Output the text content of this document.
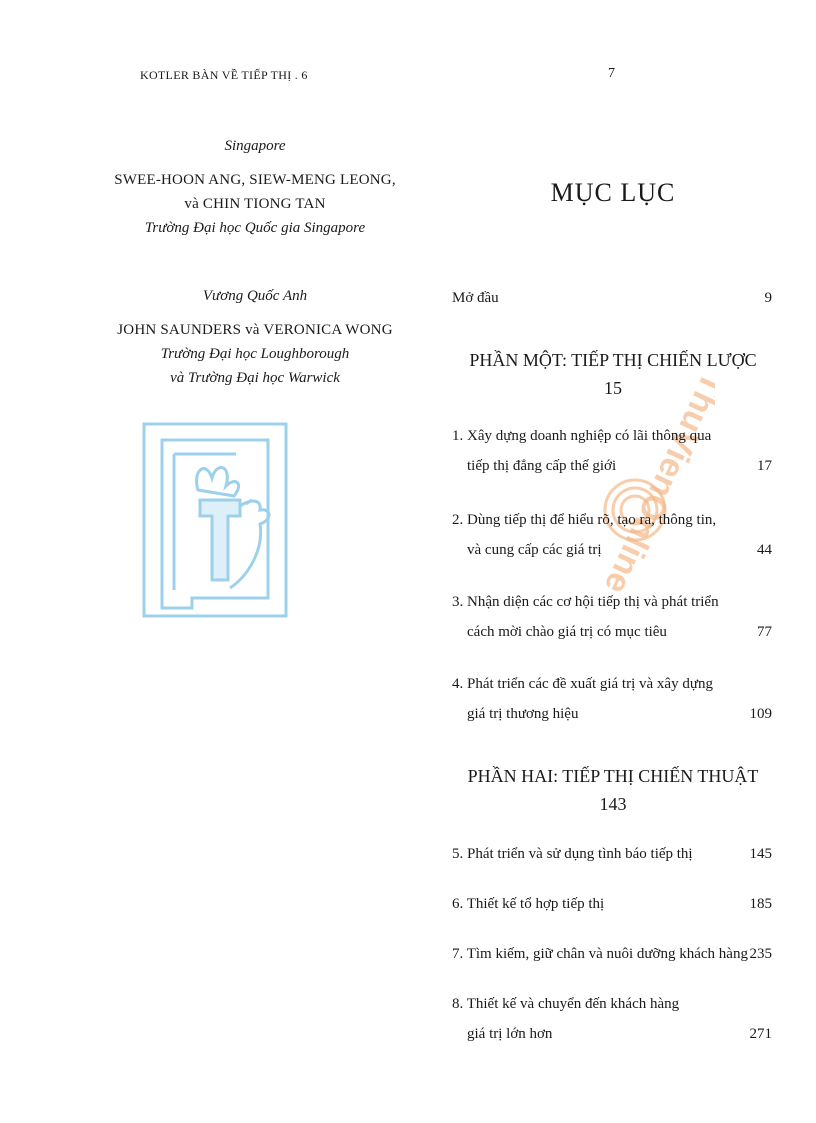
KOTLER BÀN VỀ TIẾP THỊ . 6	7
Singapore
SWEE-HOON ANG, SIEW-MENG LEONG,
và CHIN TIONG TAN
Trường Đại học Quốc gia Singapore
Vương Quốc Anh
JOHN SAUNDERS và VERONICA WONG
Trường Đại học Loughborough
và Trường Đại học Warwick	ThuVienOnline
MỤC LỤC
Mở đầu	9
PHẦN MỘT: TIẾP THỊ CHIẾN LƯỢC
15
1. Xây dựng doanh nghiệp có lãi thông qua
tiếp thị đẳng cấp thế giới	17
2. Dùng tiếp thị để hiểu rõ, tạo ra, thông tin,
và cung cấp các giá trị	44
3. Nhận diện các cơ hội tiếp thị và phát triển
cách mời chào giá trị có mục tiêu	77
4. Phát triển các đề xuất giá trị và xây dựng
giá trị thương hiệu	109
PHẦN HAI: TIẾP THỊ CHIẾN THUẬT
143
5. Phát triển và sử dụng tình báo tiếp thị	145
6. Thiết kế tổ hợp tiếp thị	185
7. Tìm kiếm, giữ chân và nuôi dưỡng khách hàng 235
8. Thiết kế và chuyển đến khách hàng
giá trị lớn hơn	271
